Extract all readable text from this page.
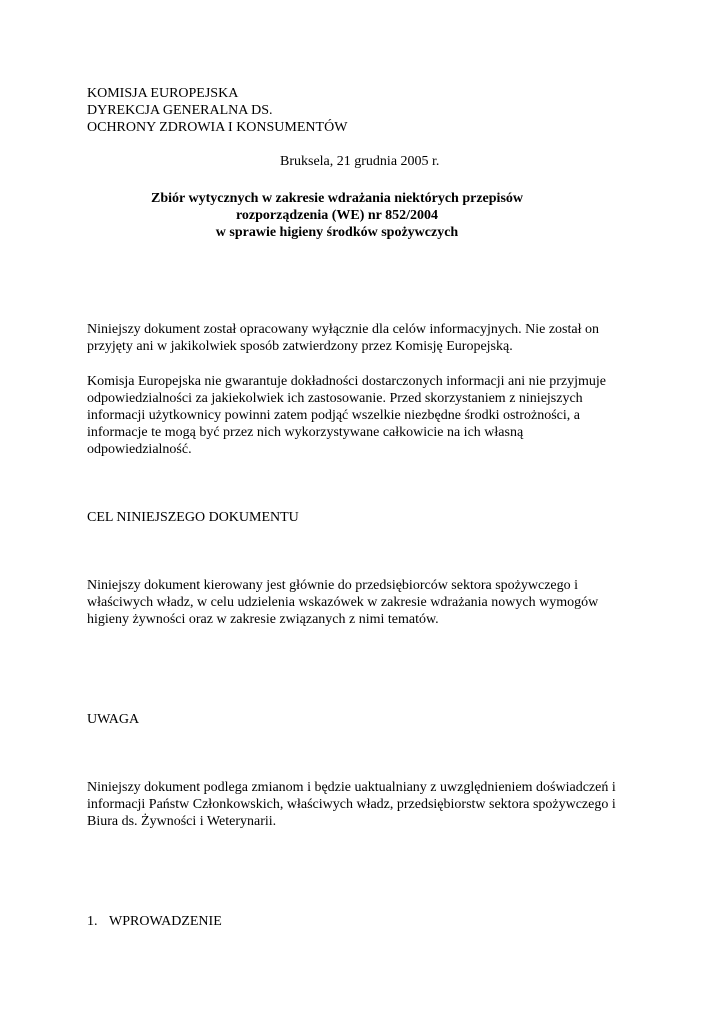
KOMISJA EUROPEJSKA
DYREKCJA GENERALNA DS.
OCHRONY ZDROWIA I KONSUMENTÓW
Bruksela, 21 grudnia 2005 r.
Zbiór wytycznych w zakresie wdrażania niektórych przepisów
rozporządzenia (WE) nr 852/2004
w sprawie higieny środków spożywczych
Niniejszy dokument został opracowany wyłącznie dla celów informacyjnych. Nie został on
przyjęty ani w jakikolwiek sposób zatwierdzony przez Komisję Europejską.
Komisja Europejska nie gwarantuje dokładności dostarczonych informacji ani nie przyjmuje
odpowiedzialności za jakiekolwiek ich zastosowanie. Przed skorzystaniem z niniejszych
informacji użytkownicy powinni zatem podjąć wszelkie niezbędne środki ostrożności, a
informacje te mogą być przez nich wykorzystywane całkowicie na ich własną
odpowiedzialność.
CEL NINIEJSZEGO DOKUMENTU
Niniejszy dokument kierowany jest głównie do przedsiębiorców sektora spożywczego i
właściwych władz, w celu udzielenia wskazówek w zakresie wdrażania nowych wymogów
higieny żywności oraz w zakresie związanych z nimi tematów.
UWAGA
Niniejszy dokument podlega zmianom i będzie uaktualniany z uwzględnieniem doświadczeń i
informacji Państw Członkowskich, właściwych władz, przedsiębiorstw sektora spożywczego i
Biura ds. Żywności i Weterynarii.
1. WPROWADZENIE
